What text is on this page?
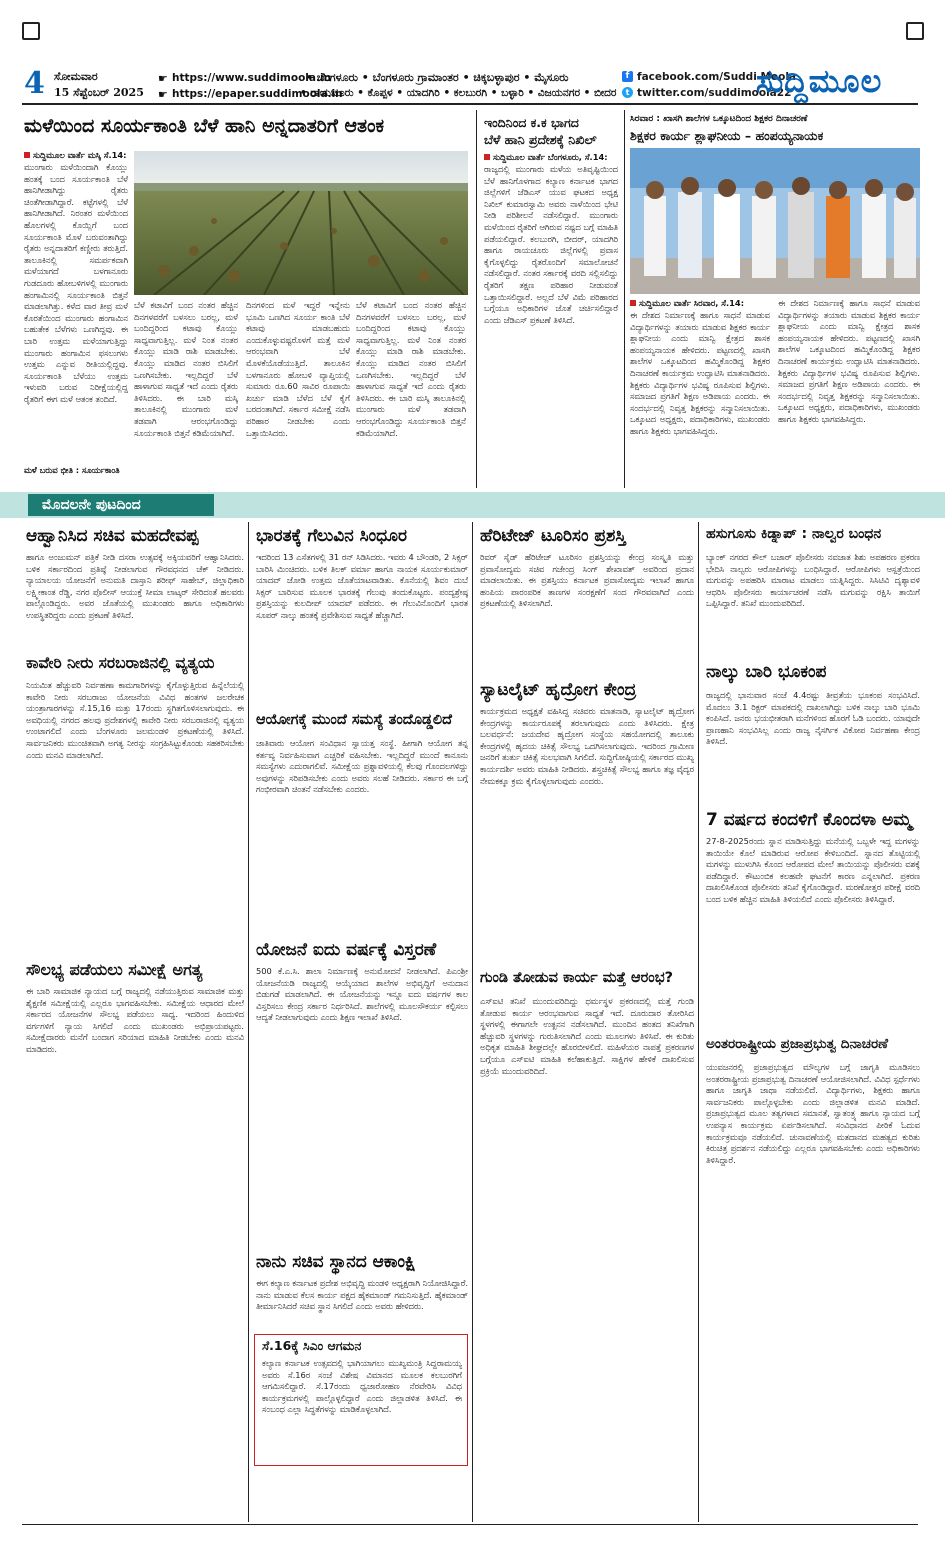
4 ಸೋಮವಾರ
15 ಸೆಪ್ಟೆಂಬರ್ 2025
☛ https://www.suddimoola.in
☛ https://epaper.suddimoola.in
• ಬೆಂಗಳೂರು • ಬೆಂಗಳೂರು ಗ್ರಾಮಾಂತರ • ಚಿಕ್ಕಬಳ್ಳಾಪುರ • ಮೈಸೂರು
• ರಾಯಚೂರು • ಕೊಪ್ಪಳ • ಯಾದಗಿರಿ • ಕಲಬುರಗಿ • ಬಳ್ಳಾರಿ • ವಿಜಯನಗರ • ಬೀದರ
f facebook.com/Suddi Moola
t twitter.com/suddimoola22
ಸುದ್ದಿಮೂಲ
ಮಳೆಯಿಂದ ಸೂರ್ಯಕಾಂತಿ ಬೆಳೆ ಹಾನಿ ಅನ್ನದಾತರಿಗೆ ಆತಂಕ
ಸುದ್ದಿಮೂಲ ವಾರ್ತೆ ಮಸ್ಕಿ ಸೆ.14:
ಮುಂಗಾರು ಮಳೆಯಿಂದಾಗಿ ಕೊಯ್ಲು ಹಂತಕ್ಕೆ ಬಂದ ಸೂರ್ಯಕಾಂತಿ ಬೆಳೆ ಹಾನಿಗೀಡಾಗಿದ್ದು ರೈತರು ಚಿಂತೆಗೀಡಾಗಿದ್ದಾರೆ. ಕಟ್ಟೆಗಳಲ್ಲಿ ಬೆಳೆ ಹಾನಿಗೀಡಾಗಿದೆ. ನಿರಂತರ ಮಳೆಯಿಂದ ಹೊಲಗಳಲ್ಲಿ ಕೊಯ್ಲಿಗೆ ಬಂದ ಸೂರ್ಯಕಾಂತಿ ಮೊಳೆ ಬರುವಂತಾಗಿದ್ದು ರೈತರು ಅನ್ನದಾತರಿಗೆ ಕಣ್ಣೀರು ತರುತ್ತಿದೆ. ತಾಲೂಕಿನಲ್ಲಿ ಸಮರ್ಪಕವಾಗಿ ಮಳೆಯಾಗದೆ ಬಳಗಾನೂರು ಗುಡದೂರು ಹೋಬಳಿಗಳಲ್ಲಿ ಮುಂಗಾರು ಹಂಗಾಮಿನಲ್ಲಿ ಸೂರ್ಯಕಾಂತಿ ಬಿತ್ತನೆ ಮಾಡಲಾಗಿತ್ತು. ಕಳೆದ ವಾರ ತೀವ್ರ ಮಳೆ ಕೊರತೆಯಿಂದ ಮುಂಗಾರು ಹಂಗಾಮಿನ ಬಹುತೇಕ ಬೆಳೆಗಳು ಒಣಗಿದ್ದವು. ಈ ಬಾರಿ ಉತ್ತಮ ಮಳೆಯಾಗುತ್ತಿದ್ದು ಮುಂಗಾರು ಹಂಗಾಮಿನ ಫಸಲುಗಳು ಉತ್ತಮ ಎನ್ನುವ ರೀತಿಯಲ್ಲಿದ್ದವು. ಸೂರ್ಯಕಾಂತಿ ಬೆಳೆಯು ಉತ್ತಮ ಇಳುವರಿ ಬರುವ ನಿರೀಕ್ಷೆಯಲ್ಲಿದ್ದ ರೈತರಿಗೆ ಈಗ ಮಳೆ ಆತಂಕ ತಂದಿದೆ.
ಮಳೆ ಬರುವ ಭೀತಿ : ಸೂರ್ಯಕಾಂತಿ
ಬೆಳೆ ಕಟಾವಿಗೆ ಬಂದ ನಂತರ ಹೆಚ್ಚಿನ ದಿನಗಳವರೆಗೆ ಬಳಸಲು ಬರಲ್ಲ, ಮಳೆ ಬಂದಿದ್ದರಿಂದ ಕಟಾವು ಕೊಯ್ಲು ಸಾಧ್ಯವಾಗುತ್ತಿಲ್ಲ. ಮಳೆ ನಿಂತ ನಂತರ ಕೊಯ್ಲು ಮಾಡಿ ರಾಶಿ ಮಾಡಬೇಕು. ಕೊಯ್ಲು ಮಾಡಿದ ನಂತರ ಬಿಸಿಲಿಗೆ ಒಣಗಿಸಬೇಕು. ಇಲ್ಲದಿದ್ದರೆ ಬೆಳೆ ಹಾಳಾಗುವ ಸಾಧ್ಯತೆ ಇದೆ ಎಂದು ರೈತರು ತಿಳಿಸಿದರು. ಈ ಬಾರಿ ಮಸ್ಕಿ ತಾಲೂಕಿನಲ್ಲಿ ಮುಂಗಾರು ಮಳೆ ತಡವಾಗಿ ಆರಂಭಗೊಂಡಿದ್ದು ಸೂರ್ಯಕಾಂತಿ ಬಿತ್ತನೆ ಕಡಿಮೆಯಾಗಿದೆ.
ದಿನಗಳಿಂದ ಮಳೆ ಇದ್ದರೆ ಇನ್ನೇನು ಭೂಮಿ ಒಣಗಿದ ಸೂರ್ಯ ಕಾಂತಿ ಬೆಳೆ ಕಟಾವು ಮಾಡಬಹುದು ಎಂದುಕೊಳ್ಳುವಷ್ಟರೊಳಗೆ ಮತ್ತೆ ಮಳೆ ಆರಂಭವಾಗಿ ಬೆಳೆ ಮೊಳಕೆಯೊಡೆಯುತ್ತಿದೆ. ತಾಲೂಕಿನ ಬಳಗಾನೂರು ಹೋಬಳಿ ವ್ಯಾಪ್ತಿಯಲ್ಲಿ ಸುಮಾರು ರೂ.60 ಸಾವಿರ ರೂಪಾಯಿ ಖರ್ಚು ಮಾಡಿ ಬೆಳೆದ ಬೆಳೆ ಕೈಗೆ ಬರದಂತಾಗಿದೆ. ಸರ್ಕಾರ ಸಮೀಕ್ಷೆ ನಡೆಸಿ ಪರಿಹಾರ ನೀಡಬೇಕು ಎಂದು ಒತ್ತಾಯಿಸಿದರು.
ಬೆಳೆ ಕಟಾವಿಗೆ ಬಂದ ನಂತರ ಹೆಚ್ಚಿನ ದಿನಗಳವರೆಗೆ ಬಳಸಲು ಬರಲ್ಲ, ಮಳೆ ಬಂದಿದ್ದರಿಂದ ಕಟಾವು ಕೊಯ್ಲು ಸಾಧ್ಯವಾಗುತ್ತಿಲ್ಲ. ಮಳೆ ನಿಂತ ನಂತರ ಕೊಯ್ಲು ಮಾಡಿ ರಾಶಿ ಮಾಡಬೇಕು. ಕೊಯ್ಲು ಮಾಡಿದ ನಂತರ ಬಿಸಿಲಿಗೆ ಒಣಗಿಸಬೇಕು. ಇಲ್ಲದಿದ್ದರೆ ಬೆಳೆ ಹಾಳಾಗುವ ಸಾಧ್ಯತೆ ಇದೆ ಎಂದು ರೈತರು ತಿಳಿಸಿದರು. ಈ ಬಾರಿ ಮಸ್ಕಿ ತಾಲೂಕಿನಲ್ಲಿ ಮುಂಗಾರು ಮಳೆ ತಡವಾಗಿ ಆರಂಭಗೊಂಡಿದ್ದು ಸೂರ್ಯಕಾಂತಿ ಬಿತ್ತನೆ ಕಡಿಮೆಯಾಗಿದೆ.
ಇಂದಿನಿಂದ ಕ.ಕ ಭಾಗದ
ಬೆಳೆ ಹಾನಿ ಪ್ರದೇಶಕ್ಕೆ ನಿಖಿಲ್
ಸುದ್ದಿಮೂಲ ವಾರ್ತೆ ಬೆಂಗಳೂರು, ಸೆ.14:
ರಾಜ್ಯದಲ್ಲಿ ಮುಂಗಾರು ಮಳೆಯ ಅತಿವೃಷ್ಟಿಯಿಂದ ಬೆಳೆ ಹಾನಿಗೊಳಗಾದ ಕಲ್ಯಾಣ ಕರ್ನಾಟಕ ಭಾಗದ ಜಿಲ್ಲೆಗಳಿಗೆ ಜೆಡಿಎಸ್ ಯುವ ಘಟಕದ ಅಧ್ಯಕ್ಷ ನಿಖಿಲ್ ಕುಮಾರಸ್ವಾಮಿ ಅವರು ನಾಳೆಯಿಂದ ಭೇಟಿ ನೀಡಿ ಪರಿಶೀಲನೆ ನಡೆಸಲಿದ್ದಾರೆ. ಮುಂಗಾರು ಮಳೆಯಿಂದ ರೈತರಿಗೆ ಆಗಿರುವ ನಷ್ಟದ ಬಗ್ಗೆ ಮಾಹಿತಿ ಪಡೆಯಲಿದ್ದಾರೆ. ಕಲಬುರಗಿ, ಬೀದರ್, ಯಾದಗಿರಿ ಹಾಗೂ ರಾಯಚೂರು ಜಿಲ್ಲೆಗಳಲ್ಲಿ ಪ್ರವಾಸ ಕೈಗೊಳ್ಳಲಿದ್ದು ರೈತರೊಂದಿಗೆ ಸಮಾಲೋಚನೆ ನಡೆಸಲಿದ್ದಾರೆ. ನಂತರ ಸರ್ಕಾರಕ್ಕೆ ವರದಿ ಸಲ್ಲಿಸಲಿದ್ದು ರೈತರಿಗೆ ತಕ್ಷಣ ಪರಿಹಾರ ನೀಡುವಂತೆ ಒತ್ತಾಯಿಸಲಿದ್ದಾರೆ. ಅಲ್ಲದೆ ಬೆಳೆ ವಿಮೆ ಪರಿಹಾರದ ಬಗ್ಗೆಯೂ ಅಧಿಕಾರಿಗಳ ಜೊತೆ ಚರ್ಚಿಸಲಿದ್ದಾರೆ ಎಂದು ಜೆಡಿಎಸ್ ಪ್ರಕಟಣೆ ತಿಳಿಸಿದೆ.
ಸಿರವಾರ : ಖಾಸಗಿ ಶಾಲೆಗಳ ಒಕ್ಕೂಟದಿಂದ ಶಿಕ್ಷಕರ ದಿನಾಚರಣೆ
ಶಿಕ್ಷಕರ ಕಾರ್ಯ ಶ್ಲಾಘನೀಯ – ಹಂಪಯ್ಯನಾಯಕ
ಸುದ್ದಿಮೂಲ ವಾರ್ತೆ ಸಿರವಾರ, ಸೆ.14:
ಈ ದೇಶದ ನಿರ್ಮಾಣಕ್ಕೆ ಹಾಗೂ ಸಾಧನೆ ಮಾಡುವ ವಿದ್ಯಾರ್ಥಿಗಳನ್ನು ತಯಾರು ಮಾಡುವ ಶಿಕ್ಷಕರ ಕಾರ್ಯ ಶ್ಲಾಘನೀಯ ಎಂದು ಮಾನ್ವಿ ಕ್ಷೇತ್ರದ ಶಾಸಕ ಹಂಪಯ್ಯನಾಯಕ ಹೇಳಿದರು. ಪಟ್ಟಣದಲ್ಲಿ ಖಾಸಗಿ ಶಾಲೆಗಳ ಒಕ್ಕೂಟದಿಂದ ಹಮ್ಮಿಕೊಂಡಿದ್ದ ಶಿಕ್ಷಕರ ದಿನಾಚರಣೆ ಕಾರ್ಯಕ್ರಮ ಉದ್ಘಾಟಿಸಿ ಮಾತನಾಡಿದರು. ಶಿಕ್ಷಕರು ವಿದ್ಯಾರ್ಥಿಗಳ ಭವಿಷ್ಯ ರೂಪಿಸುವ ಶಿಲ್ಪಿಗಳು. ಸಮಾಜದ ಪ್ರಗತಿಗೆ ಶಿಕ್ಷಣ ಅಡಿಪಾಯ ಎಂದರು. ಈ ಸಂದರ್ಭದಲ್ಲಿ ನಿವೃತ್ತ ಶಿಕ್ಷಕರನ್ನು ಸನ್ಮಾನಿಸಲಾಯಿತು. ಒಕ್ಕೂಟದ ಅಧ್ಯಕ್ಷರು, ಪದಾಧಿಕಾರಿಗಳು, ಮುಖಂಡರು ಹಾಗೂ ಶಿಕ್ಷಕರು ಭಾಗವಹಿಸಿದ್ದರು.
ಈ ದೇಶದ ನಿರ್ಮಾಣಕ್ಕೆ ಹಾಗೂ ಸಾಧನೆ ಮಾಡುವ ವಿದ್ಯಾರ್ಥಿಗಳನ್ನು ತಯಾರು ಮಾಡುವ ಶಿಕ್ಷಕರ ಕಾರ್ಯ ಶ್ಲಾಘನೀಯ ಎಂದು ಮಾನ್ವಿ ಕ್ಷೇತ್ರದ ಶಾಸಕ ಹಂಪಯ್ಯನಾಯಕ ಹೇಳಿದರು. ಪಟ್ಟಣದಲ್ಲಿ ಖಾಸಗಿ ಶಾಲೆಗಳ ಒಕ್ಕೂಟದಿಂದ ಹಮ್ಮಿಕೊಂಡಿದ್ದ ಶಿಕ್ಷಕರ ದಿನಾಚರಣೆ ಕಾರ್ಯಕ್ರಮ ಉದ್ಘಾಟಿಸಿ ಮಾತನಾಡಿದರು. ಶಿಕ್ಷಕರು ವಿದ್ಯಾರ್ಥಿಗಳ ಭವಿಷ್ಯ ರೂಪಿಸುವ ಶಿಲ್ಪಿಗಳು. ಸಮಾಜದ ಪ್ರಗತಿಗೆ ಶಿಕ್ಷಣ ಅಡಿಪಾಯ ಎಂದರು. ಈ ಸಂದರ್ಭದಲ್ಲಿ ನಿವೃತ್ತ ಶಿಕ್ಷಕರನ್ನು ಸನ್ಮಾನಿಸಲಾಯಿತು. ಒಕ್ಕೂಟದ ಅಧ್ಯಕ್ಷರು, ಪದಾಧಿಕಾರಿಗಳು, ಮುಖಂಡರು ಹಾಗೂ ಶಿಕ್ಷಕರು ಭಾಗವಹಿಸಿದ್ದರು.
ಮೊದಲನೇ ಪುಟದಿಂದ
ಆಹ್ವಾನಿಸಿದ ಸಚಿವ ಮಹದೇವಪ್ಪ
ಹಾಗೂ ಅಂಜುಮನ್ ಪತ್ರಿಕೆ ನೀಡಿ ದಸರಾ ಉತ್ಸವಕ್ಕೆ ಅಕ್ಕಿಯವರಿಗೆ ಆಹ್ವಾನಿಸಿದರು. ಬಳಿಕ ಸರ್ಕಾರದಿಂದ ಪ್ರತಿಷ್ಠೆ ನೀಡಲಾಗುವ ಗೌರವಧನದ ಚೆಕ್ ನೀಡಿದರು. ನ್ಯಾಯಾಲಯ ಯೋಜನೆಗೆ ಅನುಮತಿ ದಾಸ್ತಾನಿ ಶರೀಫ್ ಸಾಹೇಬ್, ಜಿಲ್ಲಾಧಿಕಾರಿ ಲಕ್ಷ್ಮೀಕಾಂತ ರೆಡ್ಡಿ, ನಗರ ಪೊಲೀಸ್ ಆಯುಕ್ತೆ ಸೀಮಾ ಲಾಟ್ಕರ್ ಸೇರಿದಂತೆ ಹಲವರು ಪಾಲ್ಗೊಂಡಿದ್ದರು. ಅವರ ಜೊತೆಯಲ್ಲಿ ಮುಖಂಡರು ಹಾಗೂ ಅಧಿಕಾರಿಗಳು ಉಪಸ್ಥಿತರಿದ್ದರು ಎಂದು ಪ್ರಕಟಣೆ ತಿಳಿಸಿದೆ.
ಕಾವೇರಿ ನೀರು ಸರಬರಾಜಿನಲ್ಲಿ ವ್ಯತ್ಯಯ
ನಿಯಮಿತ ಹೆಚ್ಚುವರಿ ನಿರ್ವಹಣಾ ಕಾಮಗಾರಿಗಳನ್ನು ಕೈಗೊಳ್ಳುತ್ತಿರುವ ಹಿನ್ನೆಲೆಯಲ್ಲಿ ಕಾವೇರಿ ನೀರು ಸರಬರಾಜು ಯೋಜನೆಯ ವಿವಿಧ ಹಂತಗಳ ಜಲರೇಚಕ ಯಂತ್ರಾಗಾರಗಳನ್ನು ಸೆ.15,16 ಮತ್ತು 17ರಂದು ಸ್ಥಗಿತಗೊಳಿಸಲಾಗುವುದು. ಈ ಅವಧಿಯಲ್ಲಿ ನಗರದ ಹಲವು ಪ್ರದೇಶಗಳಲ್ಲಿ ಕಾವೇರಿ ನೀರು ಸರಬರಾಜಿನಲ್ಲಿ ವ್ಯತ್ಯಯ ಉಂಟಾಗಲಿದೆ ಎಂದು ಬೆಂಗಳೂರು ಜಲಮಂಡಳಿ ಪ್ರಕಟಣೆಯಲ್ಲಿ ತಿಳಿಸಿದೆ. ಸಾರ್ವಜನಿಕರು ಮುಂಚಿತವಾಗಿ ಅಗತ್ಯ ನೀರನ್ನು ಸಂಗ್ರಹಿಸಿಟ್ಟುಕೊಂಡು ಸಹಕರಿಸಬೇಕು ಎಂದು ಮನವಿ ಮಾಡಲಾಗಿದೆ.
ಸೌಲಭ್ಯ ಪಡೆಯಲು ಸಮೀಕ್ಷೆ ಅಗತ್ಯ
ಈ ಬಾರಿ ಸಾಮಾಜಿಕ ನ್ಯಾಯದ ಬಗ್ಗೆ ರಾಜ್ಯದಲ್ಲಿ ನಡೆಯುತ್ತಿರುವ ಸಾಮಾಜಿಕ ಮತ್ತು ಶೈಕ್ಷಣಿಕ ಸಮೀಕ್ಷೆಯಲ್ಲಿ ಎಲ್ಲರೂ ಭಾಗವಹಿಸಬೇಕು. ಸಮೀಕ್ಷೆಯ ಆಧಾರದ ಮೇಲೆ ಸರ್ಕಾರದ ಯೋಜನೆಗಳ ಸೌಲಭ್ಯ ಪಡೆಯಲು ಸಾಧ್ಯ. ಇದರಿಂದ ಹಿಂದುಳಿದ ವರ್ಗಗಳಿಗೆ ನ್ಯಾಯ ಸಿಗಲಿದೆ ಎಂದು ಮುಖಂಡರು ಅಭಿಪ್ರಾಯಪಟ್ಟರು. ಸಮೀಕ್ಷೆದಾರರು ಮನೆಗೆ ಬಂದಾಗ ಸರಿಯಾದ ಮಾಹಿತಿ ನೀಡಬೇಕು ಎಂದು ಮನವಿ ಮಾಡಿದರು.
ಭಾರತಕ್ಕೆ ಗೆಲುವಿನ ಸಿಂಧೂರ
ಇದರಿಂದ 13 ಎಸೆತಗಳಲ್ಲಿ 31 ರನ್ ಸಿಡಿಸಿದರು. ಇವರು 4 ಬೌಂಡರಿ, 2 ಸಿಕ್ಸರ್ ಬಾರಿಸಿ ಮಿಂಚಿದರು. ಬಳಿಕ ತಿಲಕ್ ವರ್ಮಾ ಹಾಗೂ ನಾಯಕ ಸೂರ್ಯಕುಮಾರ್ ಯಾದವ್ ಜೋಡಿ ಉತ್ತಮ ಜೊತೆಯಾಟವಾಡಿತು. ಕೊನೆಯಲ್ಲಿ ಶಿವಂ ದುಬೆ ಸಿಕ್ಸರ್ ಬಾರಿಸುವ ಮೂಲಕ ಭಾರತಕ್ಕೆ ಗೆಲುವು ತಂದುಕೊಟ್ಟರು. ಪಂದ್ಯಶ್ರೇಷ್ಠ ಪ್ರಶಸ್ತಿಯನ್ನು ಕುಲದೀಪ್ ಯಾದವ್ ಪಡೆದರು. ಈ ಗೆಲುವಿನೊಂದಿಗೆ ಭಾರತ ಸೂಪರ್ ನಾಲ್ಕು ಹಂತಕ್ಕೆ ಪ್ರವೇಶಿಸುವ ಸಾಧ್ಯತೆ ಹೆಚ್ಚಾಗಿದೆ.
ಆಯೋಗಕ್ಕೆ ಮುಂದೆ ಸಮಸ್ಯೆ ತಂದೊಡ್ಡಲಿದೆ
ಜಾತಿವಾರು ಆಯೋಗ ಸಂವಿಧಾನ ಸ್ವಾಯತ್ತ ಸಂಸ್ಥೆ. ಹೀಗಾಗಿ ಆಯೋಗ ತನ್ನ ಕರ್ತವ್ಯ ನಿರ್ವಹಿಸುವಾಗ ಎಚ್ಚರಿಕೆ ವಹಿಸಬೇಕು. ಇಲ್ಲದಿದ್ದರೆ ಮುಂದೆ ಕಾನೂನು ಸಮಸ್ಯೆಗಳು ಎದುರಾಗಲಿವೆ. ಸಮೀಕ್ಷೆಯ ಪ್ರಶ್ನಾವಳಿಯಲ್ಲಿ ಕೆಲವು ಗೊಂದಲಗಳಿದ್ದು ಅವುಗಳನ್ನು ಸರಿಪಡಿಸಬೇಕು ಎಂದು ಅವರು ಸಲಹೆ ನೀಡಿದರು. ಸರ್ಕಾರ ಈ ಬಗ್ಗೆ ಗಂಭೀರವಾಗಿ ಚಿಂತನೆ ನಡೆಸಬೇಕು ಎಂದರು.
ಯೋಜನೆ ಐದು ವರ್ಷಕ್ಕೆ ವಿಸ್ತರಣೆ
500 ಕೆ.ಎ.ಸಿ. ಶಾಲಾ ನಿರ್ಮಾಣಕ್ಕೆ ಅನುಮೋದನೆ ನೀಡಲಾಗಿದೆ. ಪಿಎಂಶ್ರೀ ಯೋಜನೆಯಡಿ ರಾಜ್ಯದಲ್ಲಿ ಆಯ್ಕೆಯಾದ ಶಾಲೆಗಳ ಅಭಿವೃದ್ಧಿಗೆ ಅನುದಾನ ಬಿಡುಗಡೆ ಮಾಡಲಾಗಿದೆ. ಈ ಯೋಜನೆಯನ್ನು ಇನ್ನೂ ಐದು ವರ್ಷಗಳ ಕಾಲ ವಿಸ್ತರಿಸಲು ಕೇಂದ್ರ ಸರ್ಕಾರ ನಿರ್ಧರಿಸಿದೆ. ಶಾಲೆಗಳಲ್ಲಿ ಮೂಲಸೌಕರ್ಯ ಕಲ್ಪಿಸಲು ಆದ್ಯತೆ ನೀಡಲಾಗುವುದು ಎಂದು ಶಿಕ್ಷಣ ಇಲಾಖೆ ತಿಳಿಸಿದೆ.
ನಾನು ಸಚಿವ ಸ್ಥಾನದ ಆಕಾಂಕ್ಷಿ
ಈಗ ಕಲ್ಯಾಣ ಕರ್ನಾಟಕ ಪ್ರದೇಶ ಅಭಿವೃದ್ಧಿ ಮಂಡಳಿ ಅಧ್ಯಕ್ಷರಾಗಿ ನಿಯೋಜಿಸಿದ್ದಾರೆ. ನಾನು ಮಾಡುವ ಕೆಲಸ ಕಾರ್ಯ ಪಕ್ಷದ ಹೈಕಮಾಂಡ್ ಗಮನಿಸುತ್ತಿದೆ. ಹೈಕಮಾಂಡ್ ತೀರ್ಮಾನಿಸಿದರೆ ಸಚಿವ ಸ್ಥಾನ ಸಿಗಲಿದೆ ಎಂದು ಅವರು ಹೇಳಿದರು.
ಸೆ.16ಕ್ಕೆ ಸಿಎಂ ಆಗಮನ
ಕಲ್ಯಾಣ ಕರ್ನಾಟಕ ಉತ್ಸವದಲ್ಲಿ ಭಾಗಿಯಾಗಲು ಮುಖ್ಯಮಂತ್ರಿ ಸಿದ್ದರಾಮಯ್ಯ ಅವರು ಸೆ.16ರ ಸಂಜೆ ವಿಶೇಷ ವಿಮಾನದ ಮೂಲಕ ಕಲಬುರಗಿಗೆ ಆಗಮಿಸಲಿದ್ದಾರೆ. ಸೆ.17ರಂದು ಧ್ವಜಾರೋಹಣ ನೆರವೇರಿಸಿ ವಿವಿಧ ಕಾರ್ಯಕ್ರಮಗಳಲ್ಲಿ ಪಾಲ್ಗೊಳ್ಳಲಿದ್ದಾರೆ ಎಂದು ಜಿಲ್ಲಾಡಳಿತ ತಿಳಿಸಿದೆ. ಈ ಸಂಬಂಧ ಎಲ್ಲಾ ಸಿದ್ಧತೆಗಳನ್ನು ಮಾಡಿಕೊಳ್ಳಲಾಗಿದೆ.
ಹೆರಿಟೇಜ್ ಟೂರಿಸಂ ಪ್ರಶಸ್ತಿ
ರಿವರ್ ಸೈಡ್ ಹೆರಿಟೇಜ್ ಟೂರಿಸಂ ಪ್ರಶಸ್ತಿಯನ್ನು ಕೇಂದ್ರ ಸಂಸ್ಕೃತಿ ಮತ್ತು ಪ್ರವಾಸೋದ್ಯಮ ಸಚಿವ ಗಜೇಂದ್ರ ಸಿಂಗ್ ಶೇಖಾವತ್ ಅವರಿಂದ ಪ್ರದಾನ ಮಾಡಲಾಯಿತು. ಈ ಪ್ರಶಸ್ತಿಯು ಕರ್ನಾಟಕ ಪ್ರವಾಸೋದ್ಯಮ ಇಲಾಖೆ ಹಾಗೂ ಹಂಪಿಯ ಪಾರಂಪರಿಕ ತಾಣಗಳ ಸಂರಕ್ಷಣೆಗೆ ಸಂದ ಗೌರವವಾಗಿದೆ ಎಂದು ಪ್ರಕಟಣೆಯಲ್ಲಿ ತಿಳಿಸಲಾಗಿದೆ.
ಸ್ಯಾಟಲೈಟ್ ಹೃದ್ರೋಗ ಕೇಂದ್ರ
ಕಾರ್ಯಕ್ರಮದ ಅಧ್ಯಕ್ಷತೆ ವಹಿಸಿದ್ದ ಸಚಿವರು ಮಾತನಾಡಿ, ಸ್ಯಾಟಲೈಟ್ ಹೃದ್ರೋಗ ಕೇಂದ್ರಗಳನ್ನು ಕಾರ್ಯರೂಪಕ್ಕೆ ತರಲಾಗುವುದು ಎಂದು ತಿಳಿಸಿದರು. ಕ್ಷೇತ್ರ ಬಲವರ್ಧನೆ: ಜಯದೇವ ಹೃದ್ರೋಗ ಸಂಸ್ಥೆಯ ಸಹಯೋಗದಲ್ಲಿ ತಾಲೂಕು ಕೇಂದ್ರಗಳಲ್ಲಿ ಹೃದಯ ಚಿಕಿತ್ಸೆ ಸೌಲಭ್ಯ ಒದಗಿಸಲಾಗುವುದು. ಇದರಿಂದ ಗ್ರಾಮೀಣ ಜನರಿಗೆ ತುರ್ತು ಚಿಕಿತ್ಸೆ ಸುಲಭವಾಗಿ ಸಿಗಲಿದೆ. ಸುದ್ದಿಗೋಷ್ಠಿಯಲ್ಲಿ ಸರ್ಕಾರದ ಮುಖ್ಯ ಕಾರ್ಯದರ್ಶಿ ಅವರು ಮಾಹಿತಿ ನೀಡಿದರು. ಶಸ್ತ್ರಚಿಕಿತ್ಸೆ ಸೌಲಭ್ಯ ಹಾಗೂ ತಜ್ಞ ವೈದ್ಯರ ನೇಮಕಕ್ಕೂ ಕ್ರಮ ಕೈಗೊಳ್ಳಲಾಗುವುದು ಎಂದರು.
ಗುಂಡಿ ತೋಡುವ ಕಾರ್ಯ ಮತ್ತೆ ಆರಂಭ?
ಎಸ್ಐಟಿ ತನಿಖೆ ಮುಂದುವರಿದಿದ್ದು ಧರ್ಮಸ್ಥಳ ಪ್ರಕರಣದಲ್ಲಿ ಮತ್ತೆ ಗುಂಡಿ ತೋಡುವ ಕಾರ್ಯ ಆರಂಭವಾಗುವ ಸಾಧ್ಯತೆ ಇದೆ. ದೂರುದಾರ ತೋರಿಸಿದ ಸ್ಥಳಗಳಲ್ಲಿ ಈಗಾಗಲೇ ಉತ್ಖನನ ನಡೆಸಲಾಗಿದೆ. ಮುಂದಿನ ಹಂತದ ತನಿಖೆಗಾಗಿ ಹೆಚ್ಚುವರಿ ಸ್ಥಳಗಳನ್ನು ಗುರುತಿಸಲಾಗಿದೆ ಎಂದು ಮೂಲಗಳು ತಿಳಿಸಿವೆ. ಈ ಕುರಿತು ಅಧಿಕೃತ ಮಾಹಿತಿ ಶೀಘ್ರದಲ್ಲೇ ಹೊರಬೀಳಲಿದೆ. ಮಹಿಳೆಯರ ನಾಪತ್ತೆ ಪ್ರಕರಣಗಳ ಬಗ್ಗೆಯೂ ಎಸ್ಐಟಿ ಮಾಹಿತಿ ಕಲೆಹಾಕುತ್ತಿದೆ. ಸಾಕ್ಷಿಗಳ ಹೇಳಿಕೆ ದಾಖಲಿಸುವ ಪ್ರಕ್ರಿಯೆ ಮುಂದುವರಿದಿದೆ.
ಹಸುಗೂಸು ಕಿಡ್ನಾಪ್ : ನಾಲ್ವರ ಬಂಧನ
ಬ್ಯಾಂಕ್ ನಗರದ ಕೌಲ್ ಬಜಾರ್ ಪೊಲೀಸರು ನವಜಾತ ಶಿಶು ಅಪಹರಣ ಪ್ರಕರಣ ಭೇದಿಸಿ ನಾಲ್ವರು ಆರೋಪಿಗಳನ್ನು ಬಂಧಿಸಿದ್ದಾರೆ. ಆರೋಪಿಗಳು ಆಸ್ಪತ್ರೆಯಿಂದ ಮಗುವನ್ನು ಅಪಹರಿಸಿ ಮಾರಾಟ ಮಾಡಲು ಯತ್ನಿಸಿದ್ದರು. ಸಿಸಿಟಿವಿ ದೃಶ್ಯಾವಳಿ ಆಧರಿಸಿ ಪೊಲೀಸರು ಕಾರ್ಯಾಚರಣೆ ನಡೆಸಿ ಮಗುವನ್ನು ರಕ್ಷಿಸಿ ತಾಯಿಗೆ ಒಪ್ಪಿಸಿದ್ದಾರೆ. ತನಿಖೆ ಮುಂದುವರಿದಿದೆ.
ನಾಲ್ಕು ಬಾರಿ ಭೂಕಂಪ
ರಾಜ್ಯದಲ್ಲಿ ಭಾನುವಾರ ಸಂಜೆ 4.4ರಷ್ಟು ತೀವ್ರತೆಯ ಭೂಕಂಪ ಸಂಭವಿಸಿದೆ. ಮೊದಲು 3.1 ರಿಕ್ಟರ್ ಮಾಪಕದಲ್ಲಿ ದಾಖಲಾಗಿದ್ದು ಬಳಿಕ ನಾಲ್ಕು ಬಾರಿ ಭೂಮಿ ಕಂಪಿಸಿದೆ. ಜನರು ಭಯಭೀತರಾಗಿ ಮನೆಗಳಿಂದ ಹೊರಗೆ ಓಡಿ ಬಂದರು. ಯಾವುದೇ ಪ್ರಾಣಹಾನಿ ಸಂಭವಿಸಿಲ್ಲ ಎಂದು ರಾಜ್ಯ ನೈಸರ್ಗಿಕ ವಿಕೋಪ ನಿರ್ವಹಣಾ ಕೇಂದ್ರ ತಿಳಿಸಿದೆ.
7 ವರ್ಷದ ಕಂದಳಿಗೆ ಕೊಂದಳಾ ಅಮ್ಮ
27-8-2025ರಂದು ಸ್ನಾನ ಮಾಡಿಸುತ್ತಿದ್ದು ಮನೆಯಲ್ಲಿ ಒಬ್ಬಳೇ ಇದ್ದ ಮಗಳನ್ನು ತಾಯಿಯೇ ಕೊಲೆ ಮಾಡಿರುವ ಆರೋಪ ಕೇಳಿಬಂದಿದೆ. ಸ್ನಾನದ ತೊಟ್ಟಿಯಲ್ಲಿ ಮಗಳನ್ನು ಮುಳುಗಿಸಿ ಕೊಂದ ಆರೋಪದ ಮೇಲೆ ತಾಯಿಯನ್ನು ಪೊಲೀಸರು ವಶಕ್ಕೆ ಪಡೆದಿದ್ದಾರೆ. ಕೌಟುಂಬಿಕ ಕಲಹವೇ ಘಟನೆಗೆ ಕಾರಣ ಎನ್ನಲಾಗಿದೆ. ಪ್ರಕರಣ ದಾಖಲಿಸಿಕೊಂಡ ಪೊಲೀಸರು ತನಿಖೆ ಕೈಗೊಂಡಿದ್ದಾರೆ. ಮರಣೋತ್ತರ ಪರೀಕ್ಷೆ ವರದಿ ಬಂದ ಬಳಿಕ ಹೆಚ್ಚಿನ ಮಾಹಿತಿ ತಿಳಿಯಲಿದೆ ಎಂದು ಪೊಲೀಸರು ತಿಳಿಸಿದ್ದಾರೆ.
ಅಂತರರಾಷ್ಟ್ರೀಯ ಪ್ರಜಾಪ್ರಭುತ್ವ ದಿನಾಚರಣೆ
ಯುವಜನರಲ್ಲಿ ಪ್ರಜಾಪ್ರಭುತ್ವದ ಮೌಲ್ಯಗಳ ಬಗ್ಗೆ ಜಾಗೃತಿ ಮೂಡಿಸಲು ಅಂತರರಾಷ್ಟ್ರೀಯ ಪ್ರಜಾಪ್ರಭುತ್ವ ದಿನಾಚರಣೆ ಆಯೋಜಿಸಲಾಗಿದೆ. ವಿವಿಧ ಸ್ಪರ್ಧೆಗಳು ಹಾಗೂ ಜಾಗೃತಿ ಜಾಥಾ ನಡೆಯಲಿದೆ. ವಿದ್ಯಾರ್ಥಿಗಳು, ಶಿಕ್ಷಕರು ಹಾಗೂ ಸಾರ್ವಜನಿಕರು ಪಾಲ್ಗೊಳ್ಳಬೇಕು ಎಂದು ಜಿಲ್ಲಾಡಳಿತ ಮನವಿ ಮಾಡಿದೆ. ಪ್ರಜಾಪ್ರಭುತ್ವದ ಮೂಲ ತತ್ವಗಳಾದ ಸಮಾನತೆ, ಸ್ವಾತಂತ್ರ್ಯ ಹಾಗೂ ನ್ಯಾಯದ ಬಗ್ಗೆ ಉಪನ್ಯಾಸ ಕಾರ್ಯಕ್ರಮ ಏರ್ಪಡಿಸಲಾಗಿದೆ. ಸಂವಿಧಾನದ ಪೀಠಿಕೆ ಓದುವ ಕಾರ್ಯಕ್ರಮವೂ ನಡೆಯಲಿದೆ. ಚುನಾವಣೆಯಲ್ಲಿ ಮತದಾನದ ಮಹತ್ವದ ಕುರಿತು ಕಿರುಚಿತ್ರ ಪ್ರದರ್ಶನ ನಡೆಯಲಿದ್ದು ಎಲ್ಲರೂ ಭಾಗವಹಿಸಬೇಕು ಎಂದು ಅಧಿಕಾರಿಗಳು ತಿಳಿಸಿದ್ದಾರೆ.
